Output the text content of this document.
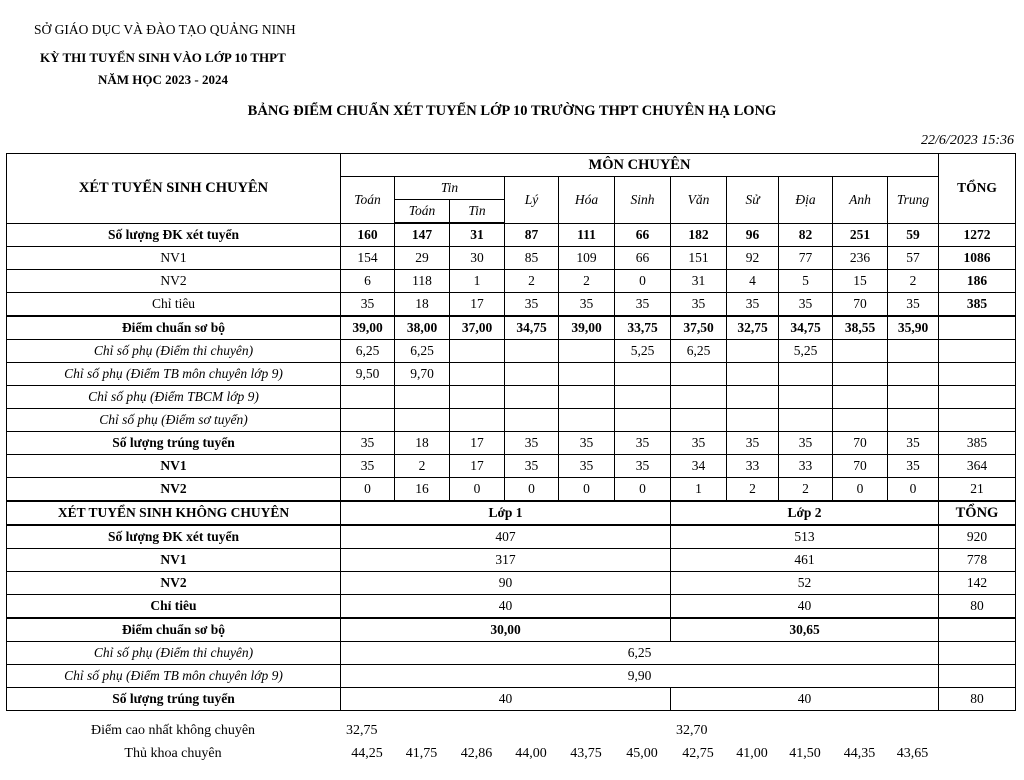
SỞ GIÁO DỤC VÀ ĐÀO TẠO QUẢNG NINH
KỲ THI TUYỂN SINH VÀO LỚP 10 THPT
NĂM HỌC 2023 - 2024
BẢNG ĐIỂM CHUẨN XÉT TUYỂN LỚP 10 TRƯỜNG THPT CHUYÊN HẠ LONG
22/6/2023 15:36
XÉT TUYỂN SINH CHUYÊN	MÔN CHUYÊN											TỔNG
	Toán	Tin		Lý	Hóa	Sinh	Văn	Sử	Địa	Anh	Trung	
		Toán	Tin									
Số lượng ĐK xét tuyển	160	147	31	87	111	66	182	96	82	251	59	1272
NV1	154	29	30	85	109	66	151	92	77	236	57	1086
NV2	6	118	1	2	2	0	31	4	5	15	2	186
Chỉ tiêu	35	18	17	35	35	35	35	35	35	70	35	385
Điểm chuẩn sơ bộ	39,00	38,00	37,00	34,75	39,00	33,75	37,50	32,75	34,75	38,55	35,90	
Chỉ số phụ (Điểm thi chuyên)	6,25	6,25				5,25	6,25		5,25			
Chỉ số phụ (Điểm TB môn chuyên lớp 9)	9,50	9,70										
Chỉ số phụ (Điểm TBCM lớp 9)												
Chỉ số phụ (Điểm sơ tuyển)												
Số lượng trúng tuyển	35	18	17	35	35	35	35	35	35	70	35	385
NV1	35	2	17	35	35	35	34	33	33	70	35	364
NV2	0	16	0	0	0	0	1	2	2	0	0	21
XÉT TUYỂN SINH KHÔNG CHUYÊN	Lớp 1						Lớp 2					TỔNG
Số lượng ĐK xét tuyển	407						513					920
NV1	317						461					778
NV2	90						52					142
Chỉ tiêu	40						40					80
Điểm chuẩn sơ bộ	30,00						30,65					
Chỉ số phụ (Điểm thi chuyên)	6,25											
Chỉ số phụ (Điểm TB môn chuyên lớp 9)	9,90											
Số lượng trúng tuyển	40						40					80
Điểm cao nhất không chuyên	32,75						32,70					
Thủ khoa chuyên	44,25	41,75	42,86	44,00	43,75	45,00	42,75	41,00	41,50	44,35	43,65	
